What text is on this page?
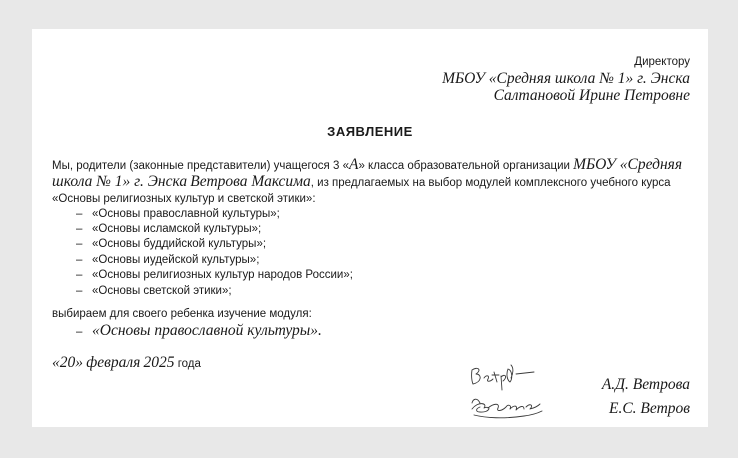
Директору
МБОУ «Средняя школа № 1» г. Энска
Салтановой Ирине Петровне
ЗАЯВЛЕНИЕ
Мы, родители (законные представители) учащегося 3 «А» класса образовательной организации МБОУ «Средняя школа № 1» г. Энска Ветрова Максима, из предлагаемых на выбор модулей комплексного учебного курса «Основы религиозных культур и светской этики»:
– «Основы православной культуры»;
– «Основы исламской культуры»;
– «Основы буддийской культуры»;
– «Основы иудейской культуры»;
– «Основы религиозных культур народов России»;
– «Основы светской этики»;
выбираем для своего ребенка изучение модуля:
– «Основы православной культуры».
«20» февраля 2025 года
А.Д. Ветрова
Е.С. Ветров
